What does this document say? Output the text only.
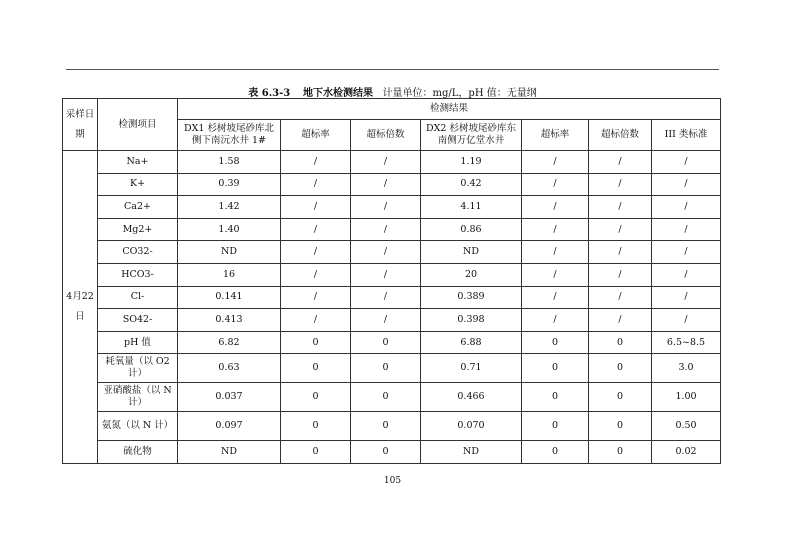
表 6.3-3 地下水检测结果 计量单位：mg/L，pH 值：无量纲
采样日期	检测项目	检测结果						
		DX1 杉树坡尾砂库北侧下南沅水井 1#	超标率	超标倍数	DX2 杉树坡尾砂库东南侧万亿堂水井	超标率	超标倍数	III 类标准
4月22日	Na+	1.58	/	/	1.19	/	/	/
	K+	0.39	/	/	0.42	/	/	/
	Ca2+	1.42	/	/	4.11	/	/	/
	Mg2+	1.40	/	/	0.86	/	/	/
	CO32-	ND	/	/	ND	/	/	/
	HCO3-	16	/	/	20	/	/	/
	Cl-	0.141	/	/	0.389	/	/	/
	SO42-	0.413	/	/	0.398	/	/	/
	pH 值	6.82	0	0	6.88	0	0	6.5~8.5
	耗氧量（以 O2计）	0.63	0	0	0.71	0	0	3.0
	亚硝酸盐（以 N计）	0.037	0	0	0.466	0	0	1.00
	氨氮（以 N 计）	0.097	0	0	0.070	0	0	0.50
	硫化物	ND	0	0	ND	0	0	0.02
105
